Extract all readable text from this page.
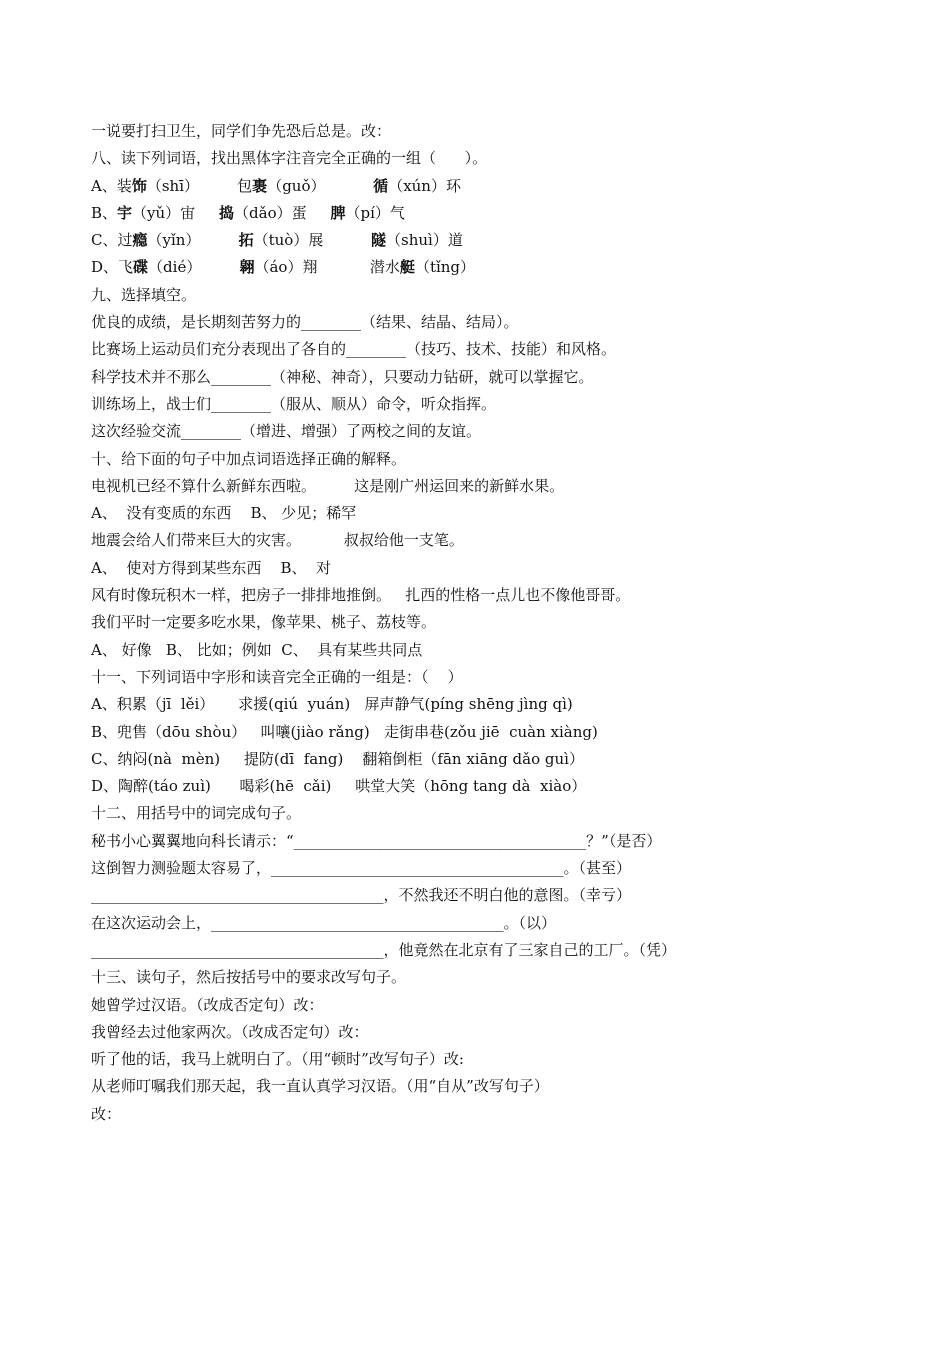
一说要打扫卫生，同学们争先恐后总是。改：
八、读下列词语，找出黑体字注音完全正确的一组（      ）。
A、装饰（shī）        包裹（guǒ）          循（xún）环
B、宇（yǔ）宙     捣（dǎo）蛋     脾（pí）气
C、过瘾（yǐn）        拓（tuò）展          隧（shuì）道
D、飞碟（dié）        翱（áo）翔           潜水艇（tǐng）
九、选择填空。
优良的成绩，是长期刻苦努力的________（结果、结晶、结局）。
比赛场上运动员们充分表现出了各自的________（技巧、技术、技能）和风格。
科学技术并不那么________（神秘、神奇），只要动力钻研，就可以掌握它。
训练场上，战士们________（服从、顺从）命令，听众指挥。
这次经验交流________（增进、增强）了两校之间的友谊。
十、给下面的句子中加点词语选择正确的解释。
电视机已经不算什么新鲜东西啦。        这是刚广州运回来的新鲜水果。
A、  没有变质的东西    B、 少见；稀罕
地震会给人们带来巨大的灾害。         叔叔给他一支笔。
A、  使对方得到某些东西    B、  对
风有时像玩积木一样，把房子一排排地推倒。   扎西的性格一点儿也不像他哥哥。
我们平时一定要多吃水果，像苹果、桃子、荔枝等。
A、 好像   B、 比如；例如  C、  具有某些共同点
十一、下列词语中字形和读音完全正确的一组是：（    ）
A、积累（jī  lěi）     求援(qiú  yuán)   屏声静气(píng shēng jìng qì)
B、兜售（dōu shòu）   叫嚷(jiào rǎng)   走街串巷(zǒu jiē  cuàn xiàng)
C、纳闷(nà  mèn)     提防(dī  fang)    翻箱倒柜（fān xiāng dǎo guì）
D、陶醉(táo zuì)      喝彩(hē  cǎi)     哄堂大笑（hōng tang dà  xiào）
十二、用括号中的词完成句子。
秘书小心翼翼地向科长请示：“_______________________________________？”（是否）
这倒智力测验题太容易了，_______________________________________。（甚至）
_______________________________________，不然我还不明白他的意图。（幸亏）
在这次运动会上，_______________________________________。（以）
_______________________________________，他竟然在北京有了三家自己的工厂。（凭）
十三、读句子，然后按括号中的要求改写句子。
她曾学过汉语。（改成否定句）改：
我曾经去过他家两次。（改成否定句）改：
听了他的话，我马上就明白了。（用“顿时”改写句子）改:
从老师叮嘱我们那天起，我一直认真学习汉语。（用“自从”改写句子）
改：
